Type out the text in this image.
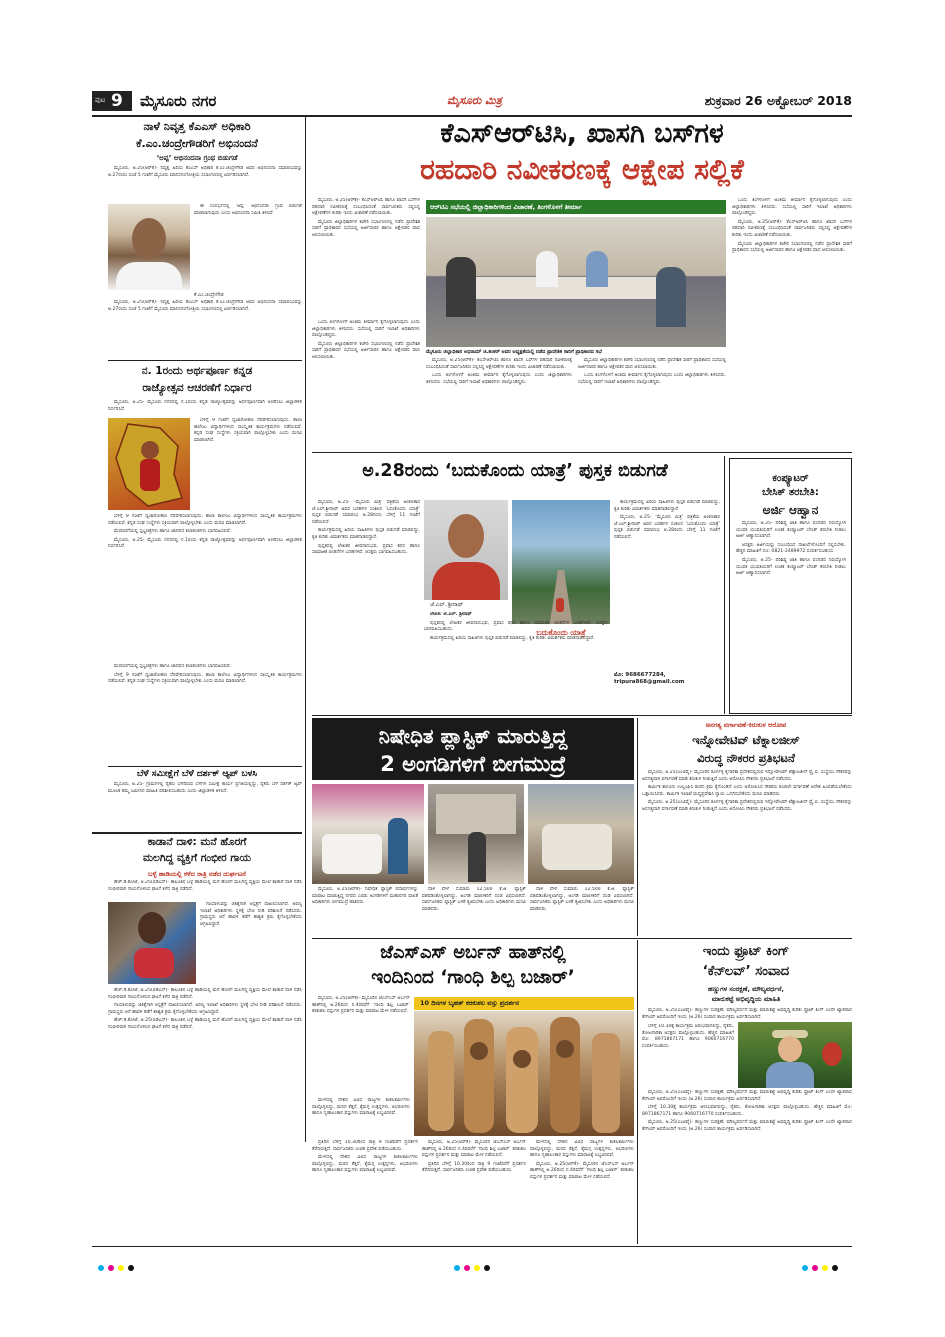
ಪುಟ 9 ಮೈಸೂರು ನಗರ	ಮೈಸೂರು ಮಿತ್ರ	ಶುಕ್ರವಾರ 26 ಅಕ್ಟೋಬರ್ 2018
ನಾಳೆ ನಿವೃತ್ತ ಕೆಎಎಸ್ ಅಧಿಕಾರಿ
ಕೆ.ಎಂ.ಚಂದ್ರೇಗೌಡರಿಗೆ ಅಭಿನಂದನೆ
‘ಅಪ್ಪ’ ಅಭಿನಂದನಾ ಗ್ರಂಥ ಬಿಡುಗಡೆ

ಮೈಸೂರು, ಅ.25(ಆರ್‌ಕೆ)- ನಿವೃತ್ತ ಹಿರಿಯ ಕೆಎಎಸ್ ಅಧಿಕಾರಿ ಕೆ.ಎಂ.ಚಂದ್ರೇಗೌಡ ಅವರ ಅಭಿನಂದನಾ ಸಮಾರಂಭವನ್ನು ಅ.27ರಂದು ಸಂಜೆ 5 ಗಂಟೆಗೆ ಮೈಸೂರು ಮಾನಸಗಂಗೋತ್ರಿಯ ಸಭಾಂಗಣದಲ್ಲಿ ಏರ್ಪಡಿಸಲಾಗಿದೆ.

ಕೆ.ಎಂ.ಚಂದ್ರೇಗೌಡ

ಈ ಸಂದರ್ಭದಲ್ಲಿ ‘ಅಪ್ಪ’ ಅಭಿನಂದನಾ ಗ್ರಂಥ ಬಿಡುಗಡೆ ಮಾಡಲಾಗುವುದು ಎಂದು ಅಭಿನಂದನಾ ಸಮಿತಿ ತಿಳಿಸಿದೆ.

ಮೈಸೂರು, ಅ.25(ಆರ್‌ಕೆ)- ನಿವೃತ್ತ ಹಿರಿಯ ಕೆಎಎಸ್ ಅಧಿಕಾರಿ ಕೆ.ಎಂ.ಚಂದ್ರೇಗೌಡ ಅವರ ಅಭಿನಂದನಾ ಸಮಾರಂಭವನ್ನು ಅ.27ರಂದು ಸಂಜೆ 5 ಗಂಟೆಗೆ ಮೈಸೂರು ಮಾನಸಗಂಗೋತ್ರಿಯ ಸಭಾಂಗಣದಲ್ಲಿ ಏರ್ಪಡಿಸಲಾಗಿದೆ.

ನ. 1ರಂದು ಅರ್ಥಪೂರ್ಣ ಕನ್ನಡ
ರಾಜ್ಯೋತ್ಸವ ಆಚರಣೆಗೆ ನಿರ್ಧಾರ

ಮೈಸೂರು, ಅ.25- ಮೈಸೂರು ನಗರದಲ್ಲಿ ನ.1ರಂದು ಕನ್ನಡ ರಾಜ್ಯೋತ್ಸವವನ್ನು ಅರ್ಥಪೂರ್ಣವಾಗಿ ಆಚರಿಸಲು ಜಿಲ್ಲಾಡಳಿತ ನಿರ್ಧರಿಸಿದೆ.

ಬೆಳಿಗ್ಗೆ 9 ಗಂಟೆಗೆ ಧ್ವಜಾರೋಹಣ ನೆರವೇರಿಸಲಾಗುವುದು. ಶಾಲಾ ಕಾಲೇಜು ವಿದ್ಯಾರ್ಥಿಗಳಿಂದ ಸಾಂಸ್ಕೃತಿಕ ಕಾರ್ಯಕ್ರಮಗಳು ನಡೆಯಲಿವೆ. ಕನ್ನಡ ಸಂಘ ಸಂಸ್ಥೆಗಳು ಸಕ್ರಿಯವಾಗಿ ಪಾಲ್ಗೊಳ್ಳಬೇಕು ಎಂದು ಮನವಿ ಮಾಡಲಾಗಿದೆ.

ಬೆಳಿಗ್ಗೆ 9 ಗಂಟೆಗೆ ಧ್ವಜಾರೋಹಣ ನೆರವೇರಿಸಲಾಗುವುದು. ಶಾಲಾ ಕಾಲೇಜು ವಿದ್ಯಾರ್ಥಿಗಳಿಂದ ಸಾಂಸ್ಕೃತಿಕ ಕಾರ್ಯಕ್ರಮಗಳು ನಡೆಯಲಿವೆ. ಕನ್ನಡ ಸಂಘ ಸಂಸ್ಥೆಗಳು ಸಕ್ರಿಯವಾಗಿ ಪಾಲ್ಗೊಳ್ಳಬೇಕು ಎಂದು ಮನವಿ ಮಾಡಲಾಗಿದೆ.

ಮೆರವಣಿಗೆಯಲ್ಲಿ ಸ್ತಬ್ಧಚಿತ್ರಗಳು ಹಾಗೂ ಜಾನಪದ ಕಲಾತಂಡಗಳು ಭಾಗವಹಿಸಲಿವೆ.

ಮೈಸೂರು, ಅ.25- ಮೈಸೂರು ನಗರದಲ್ಲಿ ನ.1ರಂದು ಕನ್ನಡ ರಾಜ್ಯೋತ್ಸವವನ್ನು ಅರ್ಥಪೂರ್ಣವಾಗಿ ಆಚರಿಸಲು ಜಿಲ್ಲಾಡಳಿತ ನಿರ್ಧರಿಸಿದೆ.

ಮೆರವಣಿಗೆಯಲ್ಲಿ ಸ್ತಬ್ಧಚಿತ್ರಗಳು ಹಾಗೂ ಜಾನಪದ ಕಲಾತಂಡಗಳು ಭಾಗವಹಿಸಲಿವೆ.

ಬೆಳಿಗ್ಗೆ 9 ಗಂಟೆಗೆ ಧ್ವಜಾರೋಹಣ ನೆರವೇರಿಸಲಾಗುವುದು. ಶಾಲಾ ಕಾಲೇಜು ವಿದ್ಯಾರ್ಥಿಗಳಿಂದ ಸಾಂಸ್ಕೃತಿಕ ಕಾರ್ಯಕ್ರಮಗಳು ನಡೆಯಲಿವೆ. ಕನ್ನಡ ಸಂಘ ಸಂಸ್ಥೆಗಳು ಸಕ್ರಿಯವಾಗಿ ಪಾಲ್ಗೊಳ್ಳಬೇಕು ಎಂದು ಮನವಿ ಮಾಡಲಾಗಿದೆ.

ಬೆಳೆ ಸಮೀಕ್ಷೆಗೆ ಬೆಳೆ ದರ್ಶಕ್ ಆ್ಯಪ್ ಬಳಸಿ

ಮೈಸೂರು, ಅ.25- ಗ್ರಾಮಗಳಲ್ಲಿ ರೈತರು ಬೆಳೆದಿರುವ ಬೆಳೆಗಳ ಸಮೀಕ್ಷೆ ಕಾರ್ಯ ಪ್ರಗತಿಯಲ್ಲಿದ್ದು, ರೈತರು ಬೆಳೆ ದರ್ಶಕ್ ಆ್ಯಪ್ ಮೂಲಕ ತಮ್ಮ ಜಮೀನಿನ ಮಾಹಿತಿ ಪರಿಶೀಲಿಸಬಹುದು ಎಂದು ಜಿಲ್ಲಾಡಳಿತ ತಿಳಿಸಿದೆ.

ಕಾಡಾನೆ ದಾಳಿ: ಮನೆ ಹೊರಗೆ
ಮಲಗಿದ್ದ ವ್ಯಕ್ತಿಗೆ ಗಂಭೀರ ಗಾಯ
ಬಳ್ಳೆ ಹಾಡಿಯಲ್ಲಿ ಕಳೆದ ರಾತ್ರಿ ನಡೆದ ದುರ್ಘಟನೆ

ಹೆಚ್.ಡಿ.ಕೋಟೆ, ಅ.25(ಬಿಡಿಎಸ್)- ತಾಲೂಕಿನ ಬಳ್ಳೆ ಹಾಡಿಯಲ್ಲಿ ಮನೆ ಹೊರಗೆ ಮಲಗಿದ್ದ ವ್ಯಕ್ತಿಯ ಮೇಲೆ ಕಾಡಾನೆ ದಾಳಿ ನಡೆಸಿ ಗಂಭೀರವಾಗಿ ಗಾಯಗೊಳಿಸಿದ ಘಟನೆ ಕಳೆದ ರಾತ್ರಿ ನಡೆದಿದೆ.

ಗಾಯಾಳುವನ್ನು ಚಿಕಿತ್ಸೆಗಾಗಿ ಆಸ್ಪತ್ರೆಗೆ ದಾಖಲಿಸಲಾಗಿದೆ. ಅರಣ್ಯ ಇಲಾಖೆ ಅಧಿಕಾರಿಗಳು ಸ್ಥಳಕ್ಕೆ ಭೇಟಿ ನೀಡಿ ಪರಿಶೀಲನೆ ನಡೆಸಿದರು. ಗ್ರಾಮಸ್ಥರು ಆನೆ ಹಾವಳಿ ತಡೆಗೆ ಶಾಶ್ವತ ಕ್ರಮ ಕೈಗೊಳ್ಳಬೇಕೆಂದು ಆಗ್ರಹಿಸಿದ್ದಾರೆ.

ಹೆಚ್.ಡಿ.ಕೋಟೆ, ಅ.25(ಬಿಡಿಎಸ್)- ತಾಲೂಕಿನ ಬಳ್ಳೆ ಹಾಡಿಯಲ್ಲಿ ಮನೆ ಹೊರಗೆ ಮಲಗಿದ್ದ ವ್ಯಕ್ತಿಯ ಮೇಲೆ ಕಾಡಾನೆ ದಾಳಿ ನಡೆಸಿ ಗಂಭೀರವಾಗಿ ಗಾಯಗೊಳಿಸಿದ ಘಟನೆ ಕಳೆದ ರಾತ್ರಿ ನಡೆದಿದೆ.

ಗಾಯಾಳುವನ್ನು ಚಿಕಿತ್ಸೆಗಾಗಿ ಆಸ್ಪತ್ರೆಗೆ ದಾಖಲಿಸಲಾಗಿದೆ. ಅರಣ್ಯ ಇಲಾಖೆ ಅಧಿಕಾರಿಗಳು ಸ್ಥಳಕ್ಕೆ ಭೇಟಿ ನೀಡಿ ಪರಿಶೀಲನೆ ನಡೆಸಿದರು. ಗ್ರಾಮಸ್ಥರು ಆನೆ ಹಾವಳಿ ತಡೆಗೆ ಶಾಶ್ವತ ಕ್ರಮ ಕೈಗೊಳ್ಳಬೇಕೆಂದು ಆಗ್ರಹಿಸಿದ್ದಾರೆ.

ಹೆಚ್.ಡಿ.ಕೋಟೆ, ಅ.25(ಬಿಡಿಎಸ್)- ತಾಲೂಕಿನ ಬಳ್ಳೆ ಹಾಡಿಯಲ್ಲಿ ಮನೆ ಹೊರಗೆ ಮಲಗಿದ್ದ ವ್ಯಕ್ತಿಯ ಮೇಲೆ ಕಾಡಾನೆ ದಾಳಿ ನಡೆಸಿ ಗಂಭೀರವಾಗಿ ಗಾಯಗೊಳಿಸಿದ ಘಟನೆ ಕಳೆದ ರಾತ್ರಿ ನಡೆದಿದೆ.

ಕೆಎಸ್‍ಆರ್‌ಟಿಸಿ, ಖಾಸಗಿ ಬಸ್‍ಗಳ
ರಹದಾರಿ ನವೀಕರಣಕ್ಕೆ ಆಕ್ಷೇಪ ಸಲ್ಲಿಕೆ

ಮೈಸೂರು, ಅ.25(ಆರ್‌ಕೆ)- ಕೆಎಸ್‍ಆರ್‌ಟಿಸಿ ಹಾಗೂ ಖಾಸಗಿ ಬಸ್‍ಗಳ ರಹದಾರಿ ನವೀಕರಣಕ್ಕೆ ಸಂಬಂಧಿಸಿದಂತೆ ಸಾರ್ವಜನಿಕರು ಸಲ್ಲಿಸಿದ್ದ ಆಕ್ಷೇಪಣೆಗಳ ಕುರಿತು ಇಂದು ವಿಚಾರಣೆ ನಡೆಸಲಾಯಿತು.

ಮೈಸೂರು ಜಿಲ್ಲಾಧಿಕಾರಿಗಳ ಕಚೇರಿ ಸಭಾಂಗಣದಲ್ಲಿ ನಡೆದ ಪ್ರಾದೇಶಿಕ ಸಾರಿಗೆ ಪ್ರಾಧಿಕಾರದ ಸಭೆಯಲ್ಲಿ ಅರ್ಜಿದಾರರ ಹಾಗೂ ಆಕ್ಷೇಪಕರ ವಾದ ಆಲಿಸಲಾಯಿತು.

ಆರ್‌ಟಿಎ ಸಭೆಯಲ್ಲಿ ಜಿಲ್ಲಾಧಿಕಾರಿಗಳಿಂದ ವಿಚಾರಣೆ, ತಿಂಗಳೊಳಗೆ ತೀರ್ಮಾ
ಮೈಸೂರು ಜಿಲ್ಲಾಧಿಕಾರಿ ಅಭಿರಾಮ್ ಜಿ.ಶಂಕರ್ ಅವರ ಅಧ್ಯಕ್ಷತೆಯಲ್ಲಿ ನಡೆದ ಪ್ರಾದೇಶಿಕ ಸಾರಿಗೆ ಪ್ರಾಧಿಕಾರದ ಸಭೆ

ಒಂದು ತಿಂಗಳೊಳಗೆ ಅಂತಿಮ ತೀರ್ಮಾನ ಕೈಗೊಳ್ಳಲಾಗುವುದು ಎಂದು ಜಿಲ್ಲಾಧಿಕಾರಿಗಳು ತಿಳಿಸಿದರು. ಸಭೆಯಲ್ಲಿ ಸಾರಿಗೆ ಇಲಾಖೆ ಅಧಿಕಾರಿಗಳು ಪಾಲ್ಗೊಂಡಿದ್ದರು.

ಮೈಸೂರು ಜಿಲ್ಲಾಧಿಕಾರಿಗಳ ಕಚೇರಿ ಸಭಾಂಗಣದಲ್ಲಿ ನಡೆದ ಪ್ರಾದೇಶಿಕ ಸಾರಿಗೆ ಪ್ರಾಧಿಕಾರದ ಸಭೆಯಲ್ಲಿ ಅರ್ಜಿದಾರರ ಹಾಗೂ ಆಕ್ಷೇಪಕರ ವಾದ ಆಲಿಸಲಾಯಿತು.

ಮೈಸೂರು, ಅ.25(ಆರ್‌ಕೆ)- ಕೆಎಸ್‍ಆರ್‌ಟಿಸಿ ಹಾಗೂ ಖಾಸಗಿ ಬಸ್‍ಗಳ ರಹದಾರಿ ನವೀಕರಣಕ್ಕೆ ಸಂಬಂಧಿಸಿದಂತೆ ಸಾರ್ವಜನಿಕರು ಸಲ್ಲಿಸಿದ್ದ ಆಕ್ಷೇಪಣೆಗಳ ಕುರಿತು ಇಂದು ವಿಚಾರಣೆ ನಡೆಸಲಾಯಿತು.

ಒಂದು ತಿಂಗಳೊಳಗೆ ಅಂತಿಮ ತೀರ್ಮಾನ ಕೈಗೊಳ್ಳಲಾಗುವುದು ಎಂದು ಜಿಲ್ಲಾಧಿಕಾರಿಗಳು ತಿಳಿಸಿದರು. ಸಭೆಯಲ್ಲಿ ಸಾರಿಗೆ ಇಲಾಖೆ ಅಧಿಕಾರಿಗಳು ಪಾಲ್ಗೊಂಡಿದ್ದರು.

ಮೈಸೂರು ಜಿಲ್ಲಾಧಿಕಾರಿಗಳ ಕಚೇರಿ ಸಭಾಂಗಣದಲ್ಲಿ ನಡೆದ ಪ್ರಾದೇಶಿಕ ಸಾರಿಗೆ ಪ್ರಾಧಿಕಾರದ ಸಭೆಯಲ್ಲಿ ಅರ್ಜಿದಾರರ ಹಾಗೂ ಆಕ್ಷೇಪಕರ ವಾದ ಆಲಿಸಲಾಯಿತು.

ಒಂದು ತಿಂಗಳೊಳಗೆ ಅಂತಿಮ ತೀರ್ಮಾನ ಕೈಗೊಳ್ಳಲಾಗುವುದು ಎಂದು ಜಿಲ್ಲಾಧಿಕಾರಿಗಳು ತಿಳಿಸಿದರು. ಸಭೆಯಲ್ಲಿ ಸಾರಿಗೆ ಇಲಾಖೆ ಅಧಿಕಾರಿಗಳು ಪಾಲ್ಗೊಂಡಿದ್ದರು.

ಒಂದು ತಿಂಗಳೊಳಗೆ ಅಂತಿಮ ತೀರ್ಮಾನ ಕೈಗೊಳ್ಳಲಾಗುವುದು ಎಂದು ಜಿಲ್ಲಾಧಿಕಾರಿಗಳು ತಿಳಿಸಿದರು. ಸಭೆಯಲ್ಲಿ ಸಾರಿಗೆ ಇಲಾಖೆ ಅಧಿಕಾರಿಗಳು ಪಾಲ್ಗೊಂಡಿದ್ದರು.

ಮೈಸೂರು, ಅ.25(ಆರ್‌ಕೆ)- ಕೆಎಸ್‍ಆರ್‌ಟಿಸಿ ಹಾಗೂ ಖಾಸಗಿ ಬಸ್‍ಗಳ ರಹದಾರಿ ನವೀಕರಣಕ್ಕೆ ಸಂಬಂಧಿಸಿದಂತೆ ಸಾರ್ವಜನಿಕರು ಸಲ್ಲಿಸಿದ್ದ ಆಕ್ಷೇಪಣೆಗಳ ಕುರಿತು ಇಂದು ವಿಚಾರಣೆ ನಡೆಸಲಾಯಿತು.

ಮೈಸೂರು ಜಿಲ್ಲಾಧಿಕಾರಿಗಳ ಕಚೇರಿ ಸಭಾಂಗಣದಲ್ಲಿ ನಡೆದ ಪ್ರಾದೇಶಿಕ ಸಾರಿಗೆ ಪ್ರಾಧಿಕಾರದ ಸಭೆಯಲ್ಲಿ ಅರ್ಜಿದಾರರ ಹಾಗೂ ಆಕ್ಷೇಪಕರ ವಾದ ಆಲಿಸಲಾಯಿತು.

ಅ.28ರಂದು ‘ಬದುಕೊಂದು ಯಾತ್ರೆ’ ಪುಸ್ತಕ ಬಿಡುಗಡೆ

ಮೈಸೂರು, ಅ.25- ‘ಮೈಸೂರು ಮಿತ್ರ’ ಪತ್ರಿಕೆಯ ಅಂಕಣಕಾರ ಜೆ.ಎಲ್.ಶ್ರೀನಾಥ್ ಅವರ ಬರಹಗಳ ಸಂಕಲನ ‘ಬದುಕೊಂದು ಯಾತ್ರೆ’ ಪುಸ್ತಕ ಬಿಡುಗಡೆ ಸಮಾರಂಭ ಅ.28ರಂದು ಬೆಳಿಗ್ಗೆ 11 ಗಂಟೆಗೆ ನಡೆಯಲಿದೆ.

ಕಾರ್ಯಕ್ರಮದಲ್ಲಿ ಹಿರಿಯ ಸಾಹಿತಿಗಳು ಪುಸ್ತಕ ಬಿಡುಗಡೆ ಮಾಡಲಿದ್ದು, ಕೃತಿ ಕುರಿತು ವಿಮರ್ಶಕರು ಮಾತನಾಡಲಿದ್ದಾರೆ.

ಪುಸ್ತಕದಲ್ಲಿ ಲೇಖಕರ ಜೀವನಾನುಭವ, ಪ್ರವಾಸ ಕಥನ ಹಾಗೂ ಸಾಮಾಜಿಕ ಚಿಂತನೆಗಳ ಬರಹಗಳಿವೆ. ಆಸಕ್ತರು ಭಾಗವಹಿಸಬಹುದು.

ಜೆ.ಎಲ್. ಶ್ರೀನಾಥ್
ಬದುಕೊಂದು ಯಾತ್ರೆ

ಲೇಖಕ: ಜೆ.ಎಲ್. ಶ್ರೀನಾಥ್

ಪುಸ್ತಕದಲ್ಲಿ ಲೇಖಕರ ಜೀವನಾನುಭವ, ಪ್ರವಾಸ ಕಥನ ಹಾಗೂ ಸಾಮಾಜಿಕ ಚಿಂತನೆಗಳ ಬರಹಗಳಿವೆ. ಆಸಕ್ತರು ಭಾಗವಹಿಸಬಹುದು.

ಕಾರ್ಯಕ್ರಮದಲ್ಲಿ ಹಿರಿಯ ಸಾಹಿತಿಗಳು ಪುಸ್ತಕ ಬಿಡುಗಡೆ ಮಾಡಲಿದ್ದು, ಕೃತಿ ಕುರಿತು ವಿಮರ್ಶಕರು ಮಾತನಾಡಲಿದ್ದಾರೆ.

ಕಾರ್ಯಕ್ರಮದಲ್ಲಿ ಹಿರಿಯ ಸಾಹಿತಿಗಳು ಪುಸ್ತಕ ಬಿಡುಗಡೆ ಮಾಡಲಿದ್ದು, ಕೃತಿ ಕುರಿತು ವಿಮರ್ಶಕರು ಮಾತನಾಡಲಿದ್ದಾರೆ.

ಮೈಸೂರು, ಅ.25- ‘ಮೈಸೂರು ಮಿತ್ರ’ ಪತ್ರಿಕೆಯ ಅಂಕಣಕಾರ ಜೆ.ಎಲ್.ಶ್ರೀನಾಥ್ ಅವರ ಬರಹಗಳ ಸಂಕಲನ ‘ಬದುಕೊಂದು ಯಾತ್ರೆ’ ಪುಸ್ತಕ ಬಿಡುಗಡೆ ಸಮಾರಂಭ ಅ.28ರಂದು ಬೆಳಿಗ್ಗೆ 11 ಗಂಟೆಗೆ ನಡೆಯಲಿದೆ.

ಮೊ: 9686677284, tripura868@gmail.com
ಕಂಪ್ಯೂಟರ್
ಬೇಸಿಕ್ ತರಬೇತಿ:
ಅರ್ಜಿ ಆಹ್ವಾನ

ಮೈಸೂರು, ಅ.25- ಪರಿಶಿಷ್ಟ ಜಾತಿ ಹಾಗೂ ಪಂಗಡದ ನಿರುದ್ಯೋಗಿ ಯುವಕ ಯುವತಿಯರಿಗೆ ಉಚಿತ ಕಂಪ್ಯೂಟರ್ ಬೇಸಿಕ್ ತರಬೇತಿ ನೀಡಲು ಅರ್ಜಿ ಆಹ್ವಾನಿಸಲಾಗಿದೆ.

ಆಸಕ್ತರು ಅರ್ಜಿಯನ್ನು ಸಂಬಂಧಿಸಿದ ದಾಖಲೆಗಳೊಂದಿಗೆ ಸಲ್ಲಿಸಬೇಕು. ಹೆಚ್ಚಿನ ಮಾಹಿತಿಗೆ ದೂ: 0821-2489972 ಸಂಪರ್ಕಿಸಬಹುದು.

ಮೈಸೂರು, ಅ.25- ಪರಿಶಿಷ್ಟ ಜಾತಿ ಹಾಗೂ ಪಂಗಡದ ನಿರುದ್ಯೋಗಿ ಯುವಕ ಯುವತಿಯರಿಗೆ ಉಚಿತ ಕಂಪ್ಯೂಟರ್ ಬೇಸಿಕ್ ತರಬೇತಿ ನೀಡಲು ಅರ್ಜಿ ಆಹ್ವಾನಿಸಲಾಗಿದೆ.

ನಿಷೇಧಿತ ಪ್ಲಾಸ್ಟಿಕ್ ಮಾರುತ್ತಿದ್ದ
2 ಅಂಗಡಿಗಳಿಗೆ ಬೀಗಮುದ್ರೆ

ಮೈಸೂರು, ಅ.25(ಆರ್‌ಕೆ)- ನಿಷೇಧಿತ ಪ್ಲಾಸ್ಟಿಕ್ ಪದಾರ್ಥಗಳನ್ನು ಮಾರಾಟ ಮಾಡುತ್ತಿದ್ದ ನಗರದ ಎರಡು ಅಂಗಡಿಗಳಿಗೆ ಮಹಾನಗರ ಪಾಲಿಕೆ ಅಧಿಕಾರಿಗಳು ಬೀಗಮುದ್ರೆ ಹಾಕಿದರು.

ದಾಳಿ ವೇಳೆ ಸುಮಾರು 12,500 ಕೆ.ಜಿ. ಪ್ಲಾಸ್ಟಿಕ್ ವಶಪಡಿಸಿಕೊಳ್ಳಲಾಗಿದ್ದು, ಅಂಗಡಿ ಮಾಲೀಕರಿಗೆ ದಂಡ ವಿಧಿಸಲಾಗಿದೆ. ಸಾರ್ವಜನಿಕರು ಪ್ಲಾಸ್ಟಿಕ್ ಬಳಕೆ ತ್ಯಜಿಸಬೇಕು ಎಂದು ಅಧಿಕಾರಿಗಳು ಮನವಿ ಮಾಡಿದರು.

ದಾಳಿ ವೇಳೆ ಸುಮಾರು 12,500 ಕೆ.ಜಿ. ಪ್ಲಾಸ್ಟಿಕ್ ವಶಪಡಿಸಿಕೊಳ್ಳಲಾಗಿದ್ದು, ಅಂಗಡಿ ಮಾಲೀಕರಿಗೆ ದಂಡ ವಿಧಿಸಲಾಗಿದೆ. ಸಾರ್ವಜನಿಕರು ಪ್ಲಾಸ್ಟಿಕ್ ಬಳಕೆ ತ್ಯಜಿಸಬೇಕು ಎಂದು ಅಧಿಕಾರಿಗಳು ಮನವಿ ಮಾಡಿದರು.

ಅನಗತ್ಯ ವರ್ಗಾವಣೆ-ಕಿರುಕುಳ ಆರೋಪ
ಇನ್ನೋವೇಟಿವ್ ಟೆಕ್ನಾಲಜೀಸ್
ವಿರುದ್ಧ ನೌಕರರ ಪ್ರತಿಭಟನೆ

ಮೈಸೂರು, ಅ.25(ಎಂಟಿವೈ)- ಮೈಸೂರಿನ ಕೂರ್ಗಳ್ಳಿ ಕೈಗಾರಿಕಾ ಪ್ರದೇಶದಲ್ಲಿರುವ ಇನ್ನೋವೇಟಿವ್ ಟೆಕ್ನಾಲಜೀಸ್ ಪ್ರೈ.ಲಿ. ಸಂಸ್ಥೆಯು ನೌಕರರನ್ನು ಅನಗತ್ಯವಾಗಿ ವರ್ಗಾವಣೆ ಮಾಡಿ ಕಿರುಕುಳ ನೀಡುತ್ತಿದೆ ಎಂದು ಆರೋಪಿಸಿ ನೌಕರರು ಪ್ರತಿಭಟನೆ ನಡೆಸಿದರು.

ಕಾರ್ಮಿಕ ಕಾನೂನು ಉಲ್ಲಂಘಿಸಿ ಕಂಪನಿ ಕ್ರಮ ಕೈಗೊಂಡಿದೆ ಎಂದು ಆರೋಪಿಸಿದ ನೌಕರರು ಕೂಡಲೇ ವರ್ಗಾವಣೆ ಆದೇಶ ಹಿಂಪಡೆಯಬೇಕೆಂದು ಒತ್ತಾಯಿಸಿದರು. ಕಾರ್ಮಿಕ ಇಲಾಖೆ ಮಧ್ಯಪ್ರವೇಶಿಸಿ ನ್ಯಾಯ ಒದಗಿಸಬೇಕೆಂದು ಮನವಿ ಮಾಡಿದರು.

ಮೈಸೂರು, ಅ.25(ಎಂಟಿವೈ)- ಮೈಸೂರಿನ ಕೂರ್ಗಳ್ಳಿ ಕೈಗಾರಿಕಾ ಪ್ರದೇಶದಲ್ಲಿರುವ ಇನ್ನೋವೇಟಿವ್ ಟೆಕ್ನಾಲಜೀಸ್ ಪ್ರೈ.ಲಿ. ಸಂಸ್ಥೆಯು ನೌಕರರನ್ನು ಅನಗತ್ಯವಾಗಿ ವರ್ಗಾವಣೆ ಮಾಡಿ ಕಿರುಕುಳ ನೀಡುತ್ತಿದೆ ಎಂದು ಆರೋಪಿಸಿ ನೌಕರರು ಪ್ರತಿಭಟನೆ ನಡೆಸಿದರು.

ಜೆಎಸ್‍ಎಸ್ ಅರ್ಬನ್ ಹಾತ್‍ನಲ್ಲಿ
ಇಂದಿನಿಂದ ‘ಗಾಂಧಿ ಶಿಲ್ಪ ಬಜಾರ್’

ಮೈಸೂರು, ಅ.25(ಆರ್‌ಕೆ)- ಮೈಸೂರಿನ ಜೆಎಸ್‍ಎಸ್ ಅರ್ಬನ್ ಹಾತ್‍ನಲ್ಲಿ ಅ.26ರಿಂದ ನ.4ರವರೆಗೆ ‘ಗಾಂಧಿ ಶಿಲ್ಪ ಬಜಾರ್’ ಕರಕುಶಲ ವಸ್ತುಗಳ ಪ್ರದರ್ಶನ ಮತ್ತು ಮಾರಾಟ ಮೇಳ ನಡೆಯಲಿದೆ.

10 ದಿನಗಳ ಬೃಹತ್ ಕರಕುಶಲ ವಸ್ತು ಪ್ರದರ್ಶನ

ಮೇಳದಲ್ಲಿ ದೇಶದ ವಿವಿಧ ರಾಜ್ಯಗಳ ಕುಶಲಕರ್ಮಿಗಳು ಪಾಲ್ಗೊಳ್ಳಲಿದ್ದು, ಮರದ ಕೆತ್ತನೆ, ಕೈಮಗ್ಗ ಉತ್ಪನ್ನಗಳು, ಆಭರಣಗಳು ಹಾಗೂ ಗೃಹಾಲಂಕಾರ ವಸ್ತುಗಳು ಮಾರಾಟಕ್ಕೆ ಲಭ್ಯವಿರಲಿವೆ.

ಪ್ರತಿದಿನ ಬೆಳಿಗ್ಗೆ 10.30ರಿಂದ ರಾತ್ರಿ 9 ಗಂಟೆವರೆಗೆ ಪ್ರದರ್ಶನ ತೆರೆದಿರುತ್ತದೆ. ಸಾರ್ವಜನಿಕರು ಉಚಿತ ಪ್ರವೇಶ ಪಡೆಯಬಹುದು.

ಮೇಳದಲ್ಲಿ ದೇಶದ ವಿವಿಧ ರಾಜ್ಯಗಳ ಕುಶಲಕರ್ಮಿಗಳು ಪಾಲ್ಗೊಳ್ಳಲಿದ್ದು, ಮರದ ಕೆತ್ತನೆ, ಕೈಮಗ್ಗ ಉತ್ಪನ್ನಗಳು, ಆಭರಣಗಳು ಹಾಗೂ ಗೃಹಾಲಂಕಾರ ವಸ್ತುಗಳು ಮಾರಾಟಕ್ಕೆ ಲಭ್ಯವಿರಲಿವೆ.

ಮೈಸೂರು, ಅ.25(ಆರ್‌ಕೆ)- ಮೈಸೂರಿನ ಜೆಎಸ್‍ಎಸ್ ಅರ್ಬನ್ ಹಾತ್‍ನಲ್ಲಿ ಅ.26ರಿಂದ ನ.4ರವರೆಗೆ ‘ಗಾಂಧಿ ಶಿಲ್ಪ ಬಜಾರ್’ ಕರಕುಶಲ ವಸ್ತುಗಳ ಪ್ರದರ್ಶನ ಮತ್ತು ಮಾರಾಟ ಮೇಳ ನಡೆಯಲಿದೆ.

ಪ್ರತಿದಿನ ಬೆಳಿಗ್ಗೆ 10.30ರಿಂದ ರಾತ್ರಿ 9 ಗಂಟೆವರೆಗೆ ಪ್ರದರ್ಶನ ತೆರೆದಿರುತ್ತದೆ. ಸಾರ್ವಜನಿಕರು ಉಚಿತ ಪ್ರವೇಶ ಪಡೆಯಬಹುದು.

ಮೇಳದಲ್ಲಿ ದೇಶದ ವಿವಿಧ ರಾಜ್ಯಗಳ ಕುಶಲಕರ್ಮಿಗಳು ಪಾಲ್ಗೊಳ್ಳಲಿದ್ದು, ಮರದ ಕೆತ್ತನೆ, ಕೈಮಗ್ಗ ಉತ್ಪನ್ನಗಳು, ಆಭರಣಗಳು ಹಾಗೂ ಗೃಹಾಲಂಕಾರ ವಸ್ತುಗಳು ಮಾರಾಟಕ್ಕೆ ಲಭ್ಯವಿರಲಿವೆ.

ಮೈಸೂರು, ಅ.25(ಆರ್‌ಕೆ)- ಮೈಸೂರಿನ ಜೆಎಸ್‍ಎಸ್ ಅರ್ಬನ್ ಹಾತ್‍ನಲ್ಲಿ ಅ.26ರಿಂದ ನ.4ರವರೆಗೆ ‘ಗಾಂಧಿ ಶಿಲ್ಪ ಬಜಾರ್’ ಕರಕುಶಲ ವಸ್ತುಗಳ ಪ್ರದರ್ಶನ ಮತ್ತು ಮಾರಾಟ ಮೇಳ ನಡೆಯಲಿದೆ.

ಇಂದು ಫ್ರೂಟ್ ಕಿಂಗ್
‘ಕೆನ್‍ಲವ್’ ಸಂವಾದ
ಹಣ್ಣುಗಳ ಸಂರಕ್ಷಣೆ, ಮೌಲ್ಯವರ್ಧನೆ,
ಮಾರುಕಟ್ಟೆ ಅಭಿವೃದ್ಧಿಯ ಮಾಹಿತಿ

ಮೈಸೂರು, ಅ.25(ಎಂಟಿವೈ)- ಹಣ್ಣುಗಳ ಸಂರಕ್ಷಣೆ, ಮೌಲ್ಯವರ್ಧನೆ ಮತ್ತು ಮಾರುಕಟ್ಟೆ ಅಭಿವೃದ್ಧಿ ಕುರಿತು ಫ್ರೂಟ್ ಕಿಂಗ್ ಎಂದೇ ಖ್ಯಾತರಾದ ಕೆನ್‍ಲವ್ ಅವರೊಂದಿಗೆ ಇಂದು (ಅ.26) ಸಂವಾದ ಕಾರ್ಯಕ್ರಮ ಏರ್ಪಡಿಸಲಾಗಿದೆ.

ಬೆಳಿಗ್ಗೆ 10.30ಕ್ಕೆ ಕಾರ್ಯಕ್ರಮ ಆರಂಭವಾಗಲಿದ್ದು, ರೈತರು, ತೋಟಗಾರಿಕಾ ಆಸಕ್ತರು ಪಾಲ್ಗೊಳ್ಳಬಹುದು. ಹೆಚ್ಚಿನ ಮಾಹಿತಿಗೆ ಮೊ: 8971867171 ಹಾಗೂ 9060716770 ಸಂಪರ್ಕಿಸಬಹುದು.

ಮೈಸೂರು, ಅ.25(ಎಂಟಿವೈ)- ಹಣ್ಣುಗಳ ಸಂರಕ್ಷಣೆ, ಮೌಲ್ಯವರ್ಧನೆ ಮತ್ತು ಮಾರುಕಟ್ಟೆ ಅಭಿವೃದ್ಧಿ ಕುರಿತು ಫ್ರೂಟ್ ಕಿಂಗ್ ಎಂದೇ ಖ್ಯಾತರಾದ ಕೆನ್‍ಲವ್ ಅವರೊಂದಿಗೆ ಇಂದು (ಅ.26) ಸಂವಾದ ಕಾರ್ಯಕ್ರಮ ಏರ್ಪಡಿಸಲಾಗಿದೆ.

ಬೆಳಿಗ್ಗೆ 10.30ಕ್ಕೆ ಕಾರ್ಯಕ್ರಮ ಆರಂಭವಾಗಲಿದ್ದು, ರೈತರು, ತೋಟಗಾರಿಕಾ ಆಸಕ್ತರು ಪಾಲ್ಗೊಳ್ಳಬಹುದು. ಹೆಚ್ಚಿನ ಮಾಹಿತಿಗೆ ಮೊ: 8971867171 ಹಾಗೂ 9060716770 ಸಂಪರ್ಕಿಸಬಹುದು.

ಮೈಸೂರು, ಅ.25(ಎಂಟಿವೈ)- ಹಣ್ಣುಗಳ ಸಂರಕ್ಷಣೆ, ಮೌಲ್ಯವರ್ಧನೆ ಮತ್ತು ಮಾರುಕಟ್ಟೆ ಅಭಿವೃದ್ಧಿ ಕುರಿತು ಫ್ರೂಟ್ ಕಿಂಗ್ ಎಂದೇ ಖ್ಯಾತರಾದ ಕೆನ್‍ಲವ್ ಅವರೊಂದಿಗೆ ಇಂದು (ಅ.26) ಸಂವಾದ ಕಾರ್ಯಕ್ರಮ ಏರ್ಪಡಿಸಲಾಗಿದೆ.
